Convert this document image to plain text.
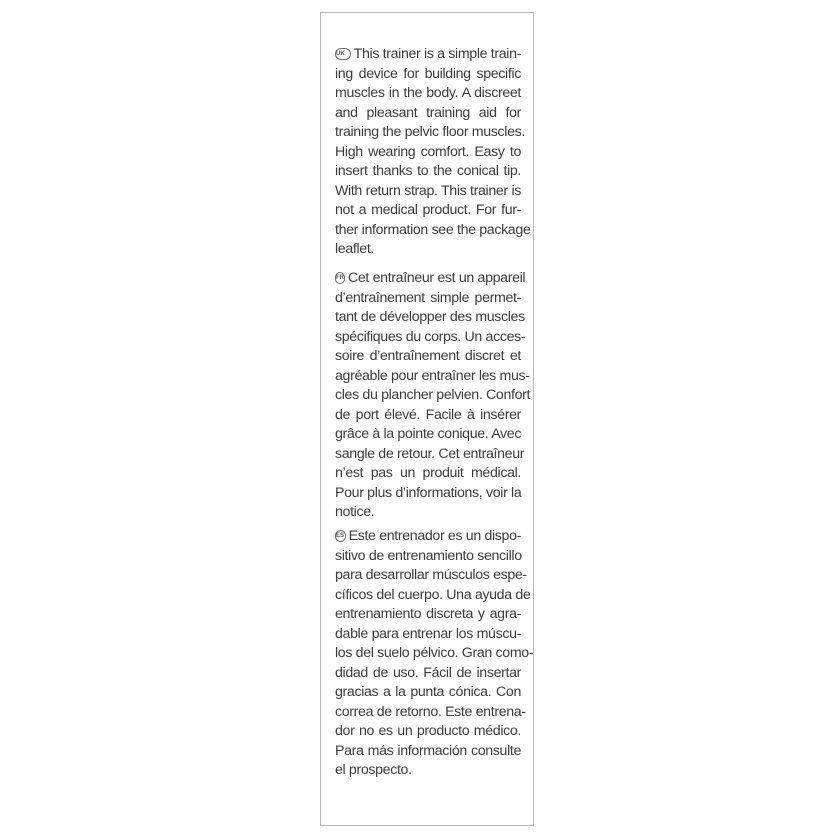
UK This trainer is a simple train-
ing device for building specific
muscles in the body. A discreet
and pleasant training aid for
training the pelvic floor muscles.
High wearing comfort. Easy to
insert thanks to the conical tip.
With return strap. This trainer is
not a medical product. For fur-
ther information see the package
leaflet.
FR Cet entraîneur est un appareil
d’entraînement simple permet-
tant de développer des muscles
spécifiques du corps. Un acces-
soire d’entraînement discret et
agréable pour entraîner les mus-
cles du plancher pelvien. Confort
de port élevé. Facile à insérer
grâce à la pointe conique. Avec
sangle de retour. Cet entraîneur
n’est pas un produit médical.
Pour plus d’informations, voir la
notice.
ES Este entrenador es un dispo-
sitivo de entrenamiento sencillo
para desarrollar músculos espe-
cíficos del cuerpo. Una ayuda de
entrenamiento discreta y agra-
dable para entrenar los múscu-
los del suelo pélvico. Gran como-
didad de uso. Fácil de insertar
gracias a la punta cónica. Con
correa de retorno. Este entrena-
dor no es un producto médico.
Para más información consulte
el prospecto.
